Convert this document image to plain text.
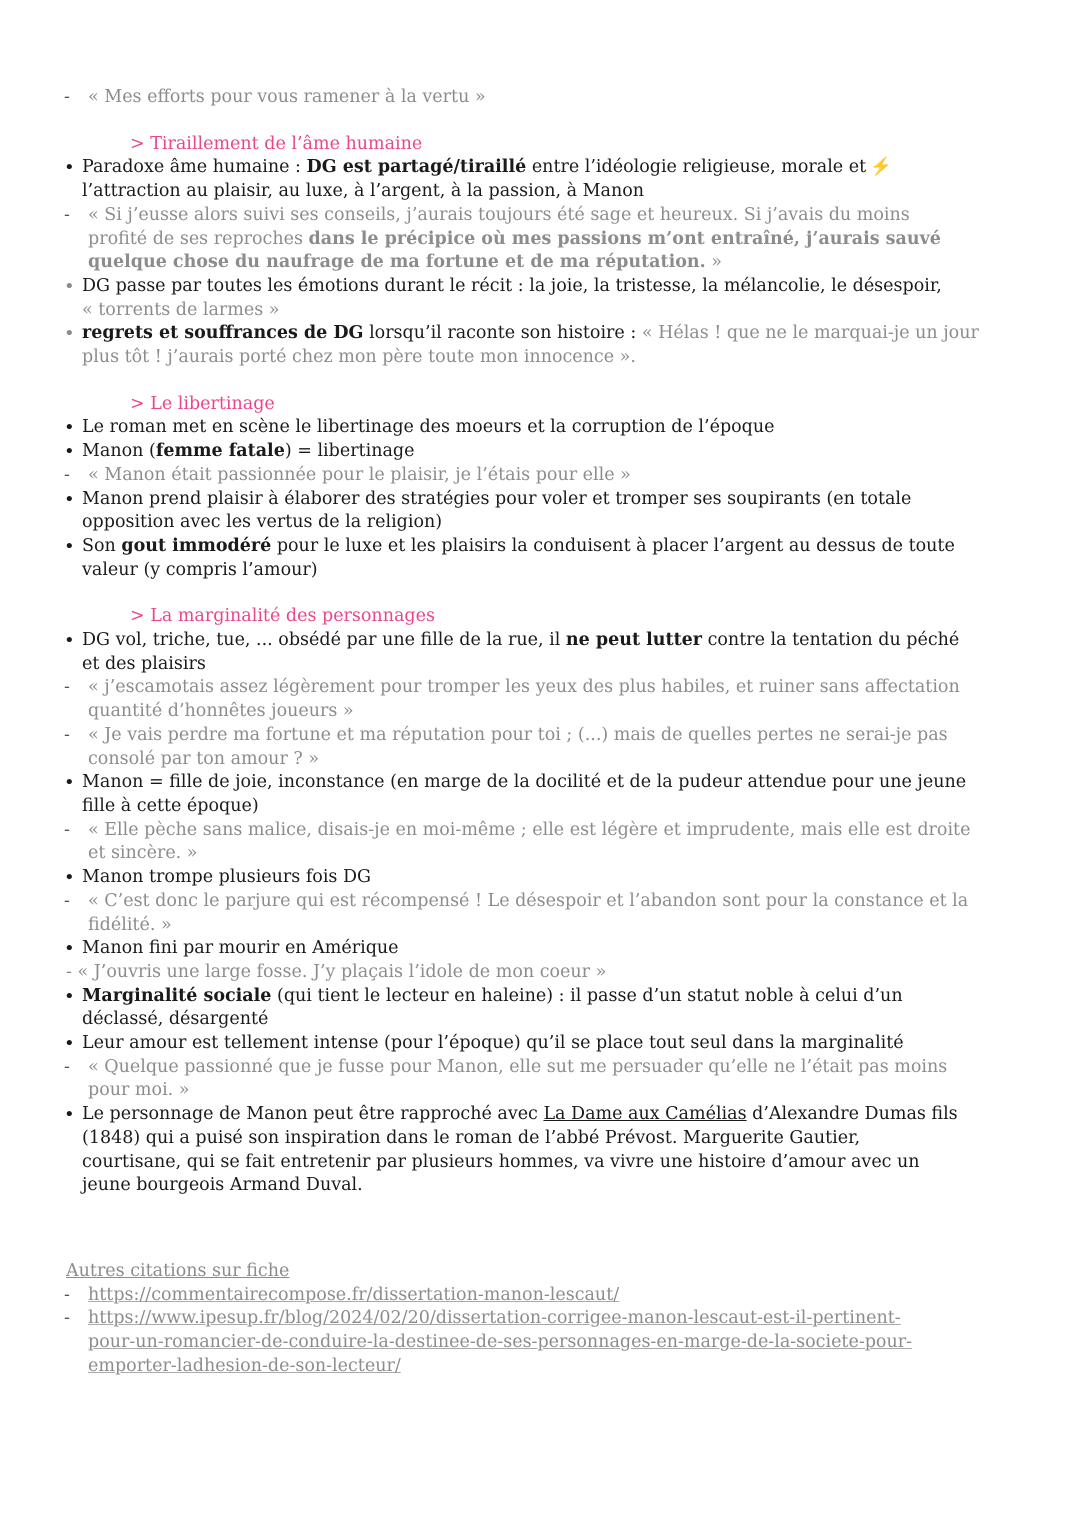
- « Mes efforts pour vous ramener à la vertu »
> Tiraillement de l’âme humaine
• Paradoxe âme humaine : DG est partagé/tiraillé entre l’idéologie religieuse, morale et ⚡
l’attraction au plaisir, au luxe, à l’argent, à la passion, à Manon
- « Si j’eusse alors suivi ses conseils, j’aurais toujours été sage et heureux. Si j’avais du moins
profité de ses reproches dans le précipice où mes passions m’ont entraîné, j’aurais sauvé
quelque chose du naufrage de ma fortune et de ma réputation. »
• DG passe par toutes les émotions durant le récit : la joie, la tristesse, la mélancolie, le désespoir,
« torrents de larmes »
• regrets et souffrances de DG lorsqu’il raconte son histoire : « Hélas ! que ne le marquai-je un jour
plus tôt ! j’aurais porté chez mon père toute mon innocence ».
> Le libertinage
• Le roman met en scène le libertinage des moeurs et la corruption de l’époque
• Manon (femme fatale) = libertinage
- « Manon était passionnée pour le plaisir, je l’étais pour elle »
• Manon prend plaisir à élaborer des stratégies pour voler et tromper ses soupirants (en totale
opposition avec les vertus de la religion)
• Son gout immodéré pour le luxe et les plaisirs la conduisent à placer l’argent au dessus de toute
valeur (y compris l’amour)
> La marginalité des personnages
• DG vol, triche, tue, ... obsédé par une fille de la rue, il ne peut lutter contre la tentation du péché
et des plaisirs
- « j’escamotais assez légèrement pour tromper les yeux des plus habiles, et ruiner sans affectation
quantité d’honnêtes joueurs »
- « Je vais perdre ma fortune et ma réputation pour toi ; (...) mais de quelles pertes ne serai-je pas
consolé par ton amour ? »
• Manon = fille de joie, inconstance (en marge de la docilité et de la pudeur attendue pour une jeune
fille à cette époque)
- « Elle pèche sans malice, disais-je en moi-même ; elle est légère et imprudente, mais elle est droite
et sincère. »
• Manon trompe plusieurs fois DG
- « C’est donc le parjure qui est récompensé ! Le désespoir et l’abandon sont pour la constance et la
fidélité. »
• Manon fini par mourir en Amérique
- « J’ouvris une large fosse. J’y plaçais l’idole de mon coeur »
• Marginalité sociale (qui tient le lecteur en haleine) : il passe d’un statut noble à celui d’un
déclassé, désargenté
• Leur amour est tellement intense (pour l’époque) qu’il se place tout seul dans la marginalité
- « Quelque passionné que je fusse pour Manon, elle sut me persuader qu’elle ne l’était pas moins
pour moi. »
• Le personnage de Manon peut être rapproché avec La Dame aux Camélias d’Alexandre Dumas fils
(1848) qui a puisé son inspiration dans le roman de l’abbé Prévost. Marguerite Gautier,
courtisane, qui se fait entretenir par plusieurs hommes, va vivre une histoire d’amour avec un
jeune bourgeois Armand Duval.
Autres citations sur fiche
- https://commentairecompose.fr/dissertation-manon-lescaut/
- https://www.ipesup.fr/blog/2024/02/20/dissertation-corrigee-manon-lescaut-est-il-pertinent-
pour-un-romancier-de-conduire-la-destinee-de-ses-personnages-en-marge-de-la-societe-pour-
emporter-ladhesion-de-son-lecteur/
